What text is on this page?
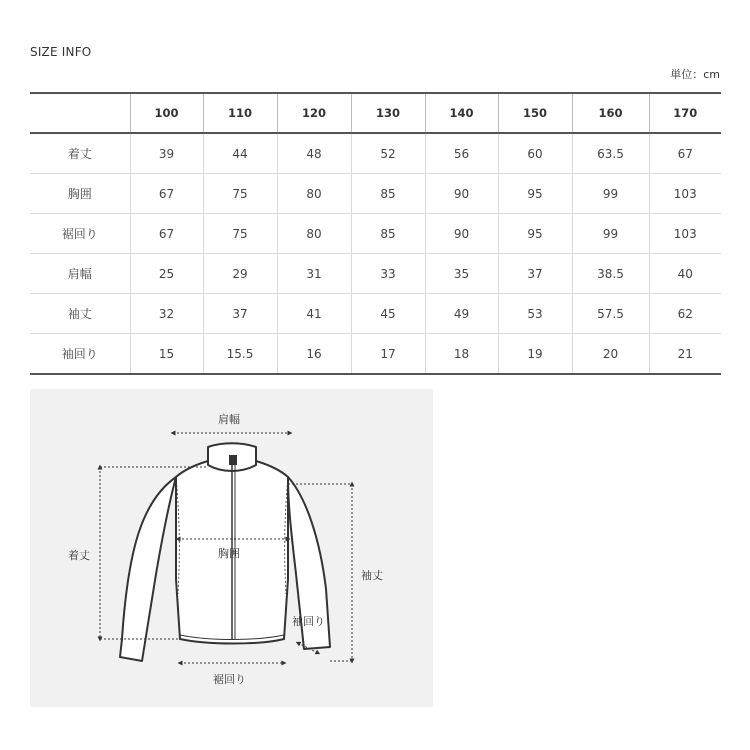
SIZE INFO
単位：cm
	100	110	120	130	140	150	160	170
着丈	39	44	48	52	56	60	63.5	67
胸囲	67	75	80	85	90	95	99	103
裾回り	67	75	80	85	90	95	99	103
肩幅	25	29	31	33	35	37	38.5	40
袖丈	32	37	41	45	49	53	57.5	62
袖回り	15	15.5	16	17	18	19	20	21
肩幅
着丈	胸囲
袖丈
袖回り
裾回り
